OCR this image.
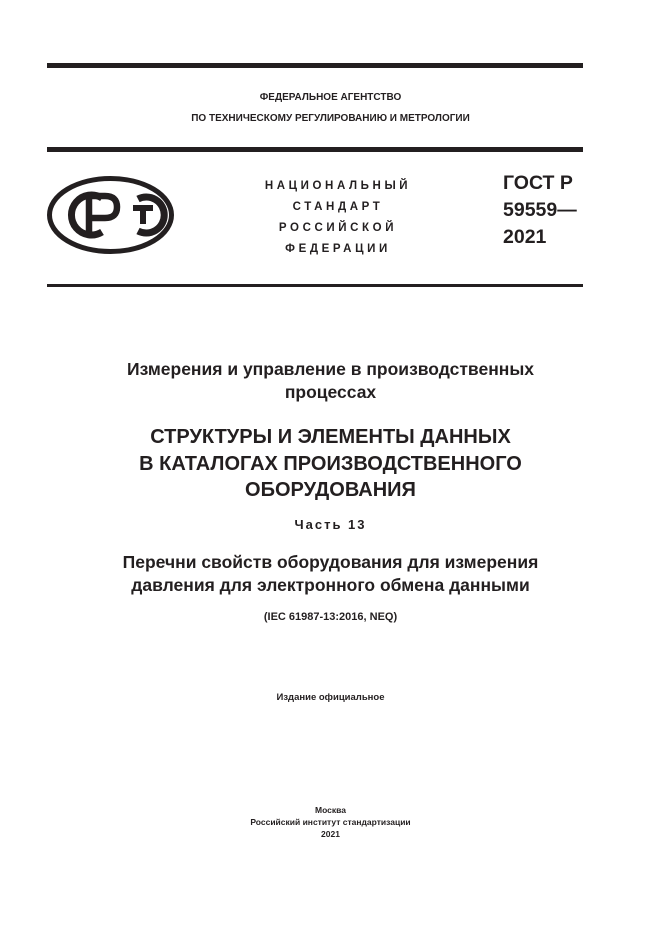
ФЕДЕРАЛЬНОЕ АГЕНТСТВО
ПО ТЕХНИЧЕСКОМУ РЕГУЛИРОВАНИЮ И МЕТРОЛОГИИ
НАЦИОНАЛЬНЫЙ
СТАНДАРТ
РОССИЙСКОЙ
ФЕДЕРАЦИИ
ГОСТ Р
59559—
2021
Измерения и управление в производственных
процессах
СТРУКТУРЫ И ЭЛЕМЕНТЫ ДАННЫХ
В КАТАЛОГАХ ПРОИЗВОДСТВЕННОГО
ОБОРУДОВАНИЯ
Часть 13
Перечни свойств оборудования для измерения
давления для электронного обмена данными
(IEC 61987-13:2016, NEQ)
Издание официальное
Москва
Российский институт стандартизации
2021
